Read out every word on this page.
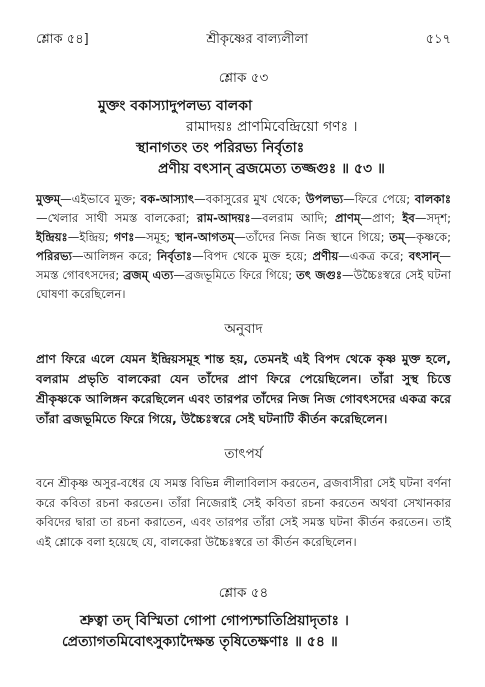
শ্লোক ৫৪]	শ্রীকৃষ্ণের বাল্যলীলা	৫১৭
শ্লোক ৫৩
মুক্তং বকাস্যাদুপলভ্য বালকা
রামাদয়ঃ প্রাণমিবেন্দ্রিয়ো গণঃ ।
স্থানাগতং তং পরিরভ্য নির্বৃতাঃ
প্রণীয় বৎসান্‌ ব্রজমেত্য তজ্জগুঃ ॥ ৫৩ ॥
মুক্তম্—এইভাবে মুক্ত; বক-আস্যাৎ—বকাসুরের মুখ থেকে; উপলভ্য—ফিরে পেয়ে; বালকাঃ—খেলার সাথী সমস্ত বালকেরা; রাম-আদয়ঃ—বলরাম আদি; প্রাণম্—প্রাণ; ইব—সদৃশ; ইন্দ্রিয়ঃ—ইন্দ্রিয়; গণঃ—সমূহ; স্থান-আগতম্—তাঁদের নিজ নিজ স্থানে গিয়ে; তম্—কৃষ্ণকে; পরিরভ্য—আলিঙ্গন করে; নির্বৃতাঃ—বিপদ থেকে মুক্ত হয়ে; প্রণীয়—একত্র করে; বৎসান্—সমস্ত গোবৎসদের; ব্রজম্ এত্য—ব্রজভূমিতে ফিরে গিয়ে; তৎ জগুঃ—উচ্চৈঃস্বরে সেই ঘটনা ঘোষণা করেছিলেন।
অনুবাদ
প্রাণ ফিরে এলে যেমন ইন্দ্রিয়সমূহ শান্ত হয়, তেমনই এই বিপদ থেকে কৃষ্ণ মুক্ত হলে, বলরাম প্রভৃতি বালকেরা যেন তাঁদের প্রাণ ফিরে পেয়েছিলেন। তাঁরা সুস্থ চিত্তে শ্রীকৃষ্ণকে আলিঙ্গন করেছিলেন এবং তারপর তাঁদের নিজ নিজ গোবৎসদের একত্র করে তাঁরা ব্রজভূমিতে ফিরে গিয়ে, উচ্চৈঃস্বরে সেই ঘটনাটি কীর্তন করেছিলেন।
তাৎপর্য
বনে শ্রীকৃষ্ণ অসুর-বধের যে সমস্ত বিভিন্ন লীলাবিলাস করতেন, ব্রজবাসীরা সেই ঘটনা বর্ণনা করে কবিতা রচনা করতেন। তাঁরা নিজেরাই সেই কবিতা রচনা করতেন অথবা সেখানকার কবিদের দ্বারা তা রচনা করাতেন, এবং তারপর তাঁরা সেই সমস্ত ঘটনা কীর্তন করতেন। তাই এই শ্লোকে বলা হয়েছে যে, বালকেরা উচ্চৈঃস্বরে তা কীর্তন করেছিলেন।
শ্লোক ৫৪
শ্রুত্বা তদ্ বিস্মিতা গোপা গোপ্যশ্চাতিপ্রিয়াদৃতাঃ ।
প্রেত্যাগতমিবোৎসুক্যাদৈক্ষন্ত তৃষিতেক্ষণাঃ ॥ ৫৪ ॥
